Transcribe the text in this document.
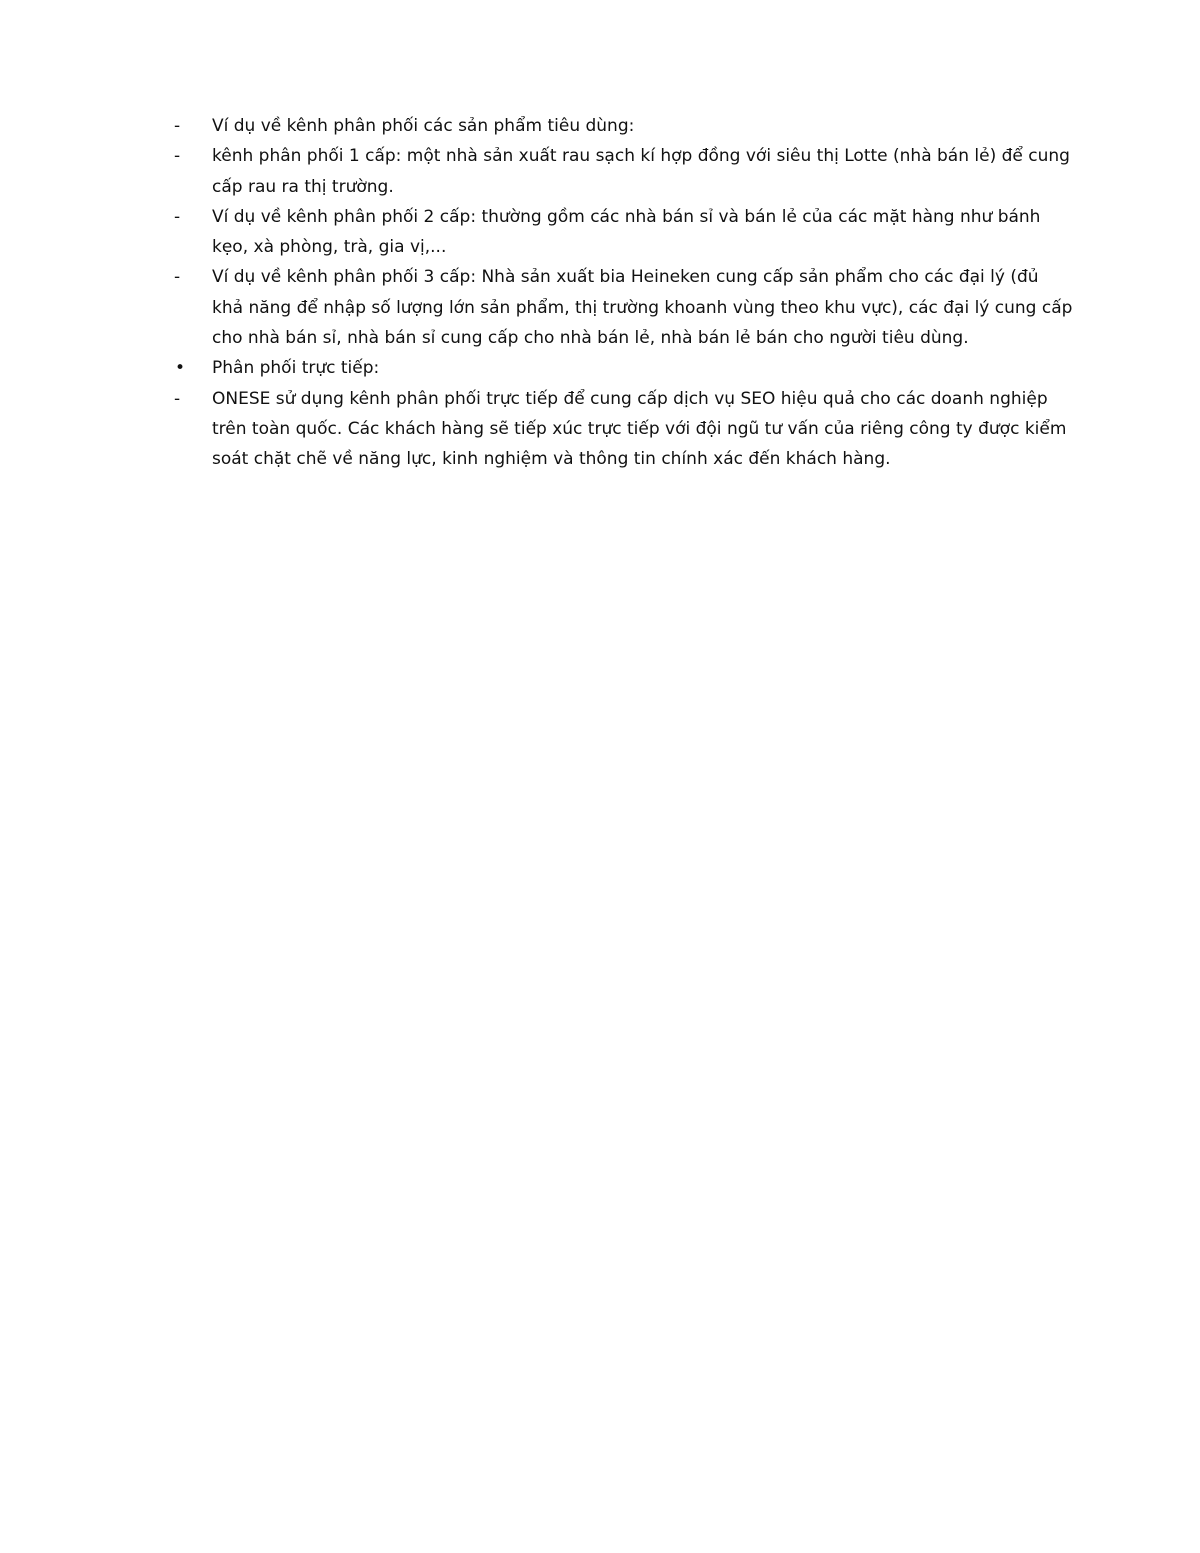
-	Ví dụ về kênh phân phối các sản phẩm tiêu dùng:
-	kênh phân phối 1 cấp: một nhà sản xuất rau sạch kí hợp đồng với siêu thị Lotte (nhà bán lẻ) để cung cấp rau ra thị trường.
-	Ví dụ về kênh phân phối 2 cấp: thường gồm các nhà bán sỉ và bán lẻ của các mặt hàng như bánh kẹo, xà phòng, trà, gia vị,...
-	Ví dụ về kênh phân phối 3 cấp: Nhà sản xuất bia Heineken cung cấp sản phẩm cho các đại lý (đủ khả năng để nhập số lượng lớn sản phẩm, thị trường khoanh vùng theo khu vực), các đại lý cung cấp cho nhà bán sỉ, nhà bán sỉ cung cấp cho nhà bán lẻ, nhà bán lẻ bán cho người tiêu dùng.
•	Phân phối trực tiếp:
-	ONESE sử dụng kênh phân phối trực tiếp để cung cấp dịch vụ SEO hiệu quả cho các doanh nghiệp trên toàn quốc. Các khách hàng sẽ tiếp xúc trực tiếp với đội ngũ tư vấn của riêng công ty được kiểm soát chặt chẽ về năng lực, kinh nghiệm và thông tin chính xác đến khách hàng.
